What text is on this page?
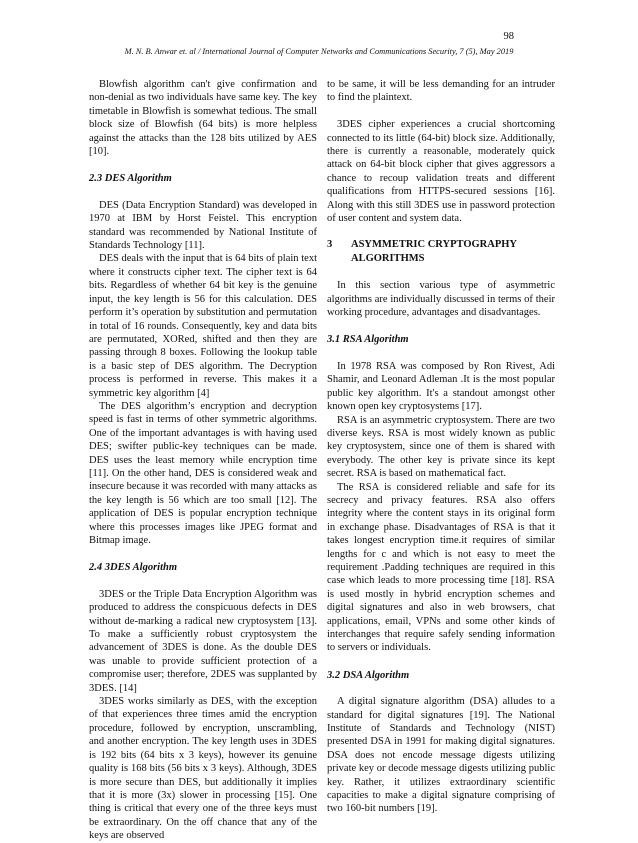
98
M. N. B. Anwar et. al / International Journal of Computer Networks and Communications Security, 7 (5), May 2019

Blowfish algorithm can't give confirmation and non-denial as two individuals have same key. The key timetable in Blowfish is somewhat tedious. The small block size of Blowfish (64 bits) is more helpless against the attacks than the 128 bits utilized by AES [10].

2.3 DES Algorithm

DES (Data Encryption Standard) was developed in 1970 at IBM by Horst Feistel. This encryption standard was recommended by National Institute of Standards Technology [11].

DES deals with the input that is 64 bits of plain text where it constructs cipher text. The cipher text is 64 bits. Regardless of whether 64 bit key is the genuine input, the key length is 56 for this calculation. DES perform it’s operation by substitution and permutation in total of 16 rounds. Consequently, key and data bits are permutated, XORed, shifted and then they are passing through 8 boxes. Following the lookup table is a basic step of DES algorithm. The Decryption process is performed in reverse. This makes it a symmetric key algorithm [4]

The DES algorithm’s encryption and decryption speed is fast in terms of other symmetric algorithms. One of the important advantages is with having used DES; swifter public-key techniques can be made. DES uses the least memory while encryption time [11]. On the other hand, DES is considered weak and insecure because it was recorded with many attacks as the key length is 56 which are too small [12]. The application of DES is popular encryption technique where this processes images like JPEG format and Bitmap image.

2.4 3DES Algorithm

3DES or the Triple Data Encryption Algorithm was produced to address the conspicuous defects in DES without de-marking a radical new cryptosystem [13]. To make a sufficiently robust cryptosystem the advancement of 3DES is done. As the double DES was unable to provide sufficient protection of a compromise user; therefore, 2DES was supplanted by 3DES. [14]

3DES works similarly as DES, with the exception of that experiences three times amid the encryption procedure, followed by encryption, unscrambling, and another encryption. The key length uses in 3DES is 192 bits (64 bits x 3 keys), however its genuine quality is 168 bits (56 bits x 3 keys). Although, 3DES is more secure than DES, but additionally it implies that it is more (3x) slower in processing [15]. One thing is critical that every one of the three keys must be extraordinary. On the off chance that any of the keys are observed

to be same, it will be less demanding for an intruder to find the plaintext.

3DES cipher experiences a crucial shortcoming connected to its little (64-bit) block size. Additionally, there is currently a reasonable, moderately quick attack on 64-bit block cipher that gives aggressors a chance to recoup validation treats and different qualifications from HTTPS-secured sessions [16]. Along with this still 3DES use in password protection of user content and system data.

3	ASYMMETRIC CRYPTOGRAPHY ALGORITHMS

In this section various type of asymmetric algorithms are individually discussed in terms of their working procedure, advantages and disadvantages.

3.1 RSA Algorithm

In 1978 RSA was composed by Ron Rivest, Adi Shamir, and Leonard Adleman .It is the most popular public key algorithm. It's a standout amongst other known open key cryptosystems [17].

RSA is an asymmetric cryptosystem. There are two diverse keys. RSA is most widely known as public key cryptosystem, since one of them is shared with everybody. The other key is private since its kept secret. RSA is based on mathematical fact.

The RSA is considered reliable and safe for its secrecy and privacy features. RSA also offers integrity where the content stays in its original form in exchange phase. Disadvantages of RSA is that it takes longest encryption time.it requires of similar lengths for c and which is not easy to meet the requirement .Padding techniques are required in this case which leads to more processing time [18]. RSA is used mostly in hybrid encryption schemes and digital signatures and also in web browsers, chat applications, email, VPNs and some other kinds of interchanges that require safely sending information to servers or individuals.

3.2 DSA Algorithm

A digital signature algorithm (DSA) alludes to a standard for digital signatures [19]. The National Institute of Standards and Technology (NIST) presented DSA in 1991 for making digital signatures. DSA does not encode message digests utilizing private key or decode message digests utilizing public key. Rather, it utilizes extraordinary scientific capacities to make a digital signature comprising of two 160-bit numbers [19].
